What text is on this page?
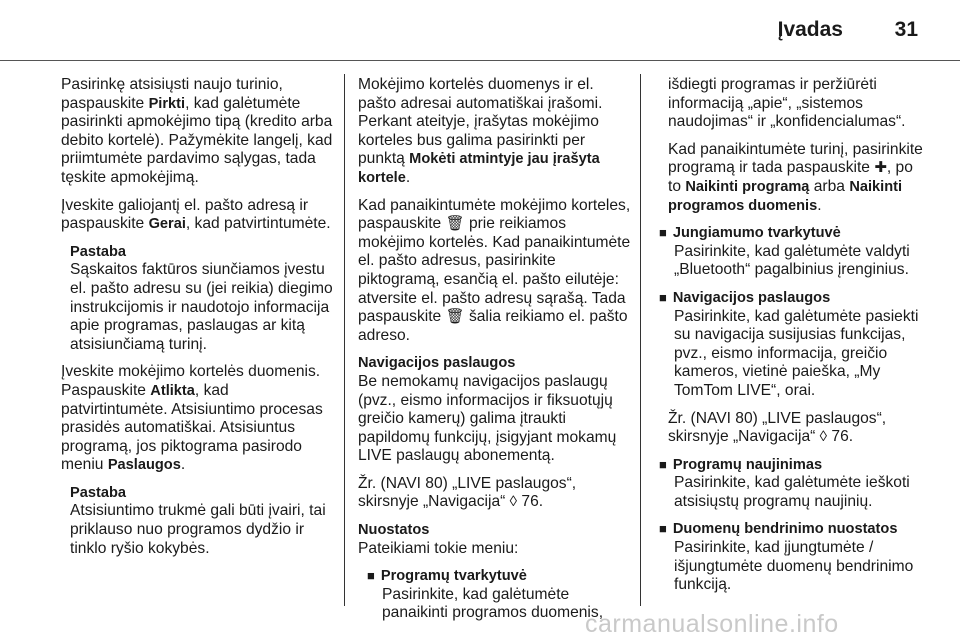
Įvadas 31

Pasirinkę atsisiųsti naujo turinio, paspauskite Pirkti, kad galėtumėte pasirinkti apmokėjimo tipą (kredito arba debito kortelė). Pažymėkite langelį, kad priimtumėte pardavimo sąlygas, tada tęskite apmokėjimą.

Įveskite galiojantį el. pašto adresą ir paspauskite Gerai, kad patvirtintumėte.

Pastaba
Sąskaitos faktūros siunčiamos įvestu el. pašto adresu su (jei reikia) diegimo instrukcijomis ir naudotojo informacija apie programas, paslaugas ar kitą atsisiunčiamą turinį.

Įveskite mokėjimo kortelės duomenis. Paspauskite Atlikta, kad patvirtintumėte. Atsisiuntimo procesas prasidės automatiškai. Atsisiuntus programą, jos piktograma pasirodo meniu Paslaugos.

Pastaba
Atsisiuntimo trukmė gali būti įvairi, tai priklauso nuo programos dydžio ir tinklo ryšio kokybės.

Mokėjimo kortelės duomenys ir el. pašto adresai automatiškai įrašomi. Perkant ateityje, įrašytas mokėjimo korteles bus galima pasirinkti per punktą Mokėti atmintyje jau įrašyta kortele.

Kad panaikintumėte mokėjimo korteles, paspauskite 🗑 prie reikiamos mokėjimo kortelės. Kad panaikintumėte el. pašto adresus, pasirinkite piktogramą, esančią el. pašto eilutėje: atversite el. pašto adresų sąrašą. Tada paspauskite 🗑 šalia reikiamo el. pašto adreso.

Navigacijos paslaugos
Be nemokamų navigacijos paslaugų (pvz., eismo informacijos ir fiksuotųjų greičio kamerų) galima įtraukti papildomų funkcijų, įsigyjant mokamų LIVE paslaugų abonementą.

Žr. (NAVI 80) „LIVE paslaugos“, skirsnyje „Navigacija“ ◊ 76.

Nuostatos
Pateikiami tokie meniu:
■ Programų tvarkytuvė
Pasirinkite, kad galėtumėte panaikinti programos duomenis,

išdiegti programas ir peržiūrėti informaciją „apie“, „sistemos naudojimas“ ir „konfidencialumas“.

Kad panaikintumėte turinį, pasirinkite programą ir tada paspauskite ✚, po to Naikinti programą arba Naikinti programos duomenis.

■ Jungiamumo tvarkytuvė
Pasirinkite, kad galėtumėte valdyti „Bluetooth“ pagalbinius įrenginius.
■ Navigacijos paslaugos
Pasirinkite, kad galėtumėte pasiekti su navigacija susijusias funkcijas, pvz., eismo informacija, greičio kameros, vietinė paieška, „My TomTom LIVE“, orai.

Žr. (NAVI 80) „LIVE paslaugos“, skirsnyje „Navigacija“ ◊ 76.

■ Programų naujinimas
Pasirinkite, kad galėtumėte ieškoti atsisiųstų programų naujinių.
■ Duomenų bendrinimo nuostatos
Pasirinkite, kad įjungtumėte / išjungtumėte duomenų bendrinimo funkciją.
carmanualsonline.info
